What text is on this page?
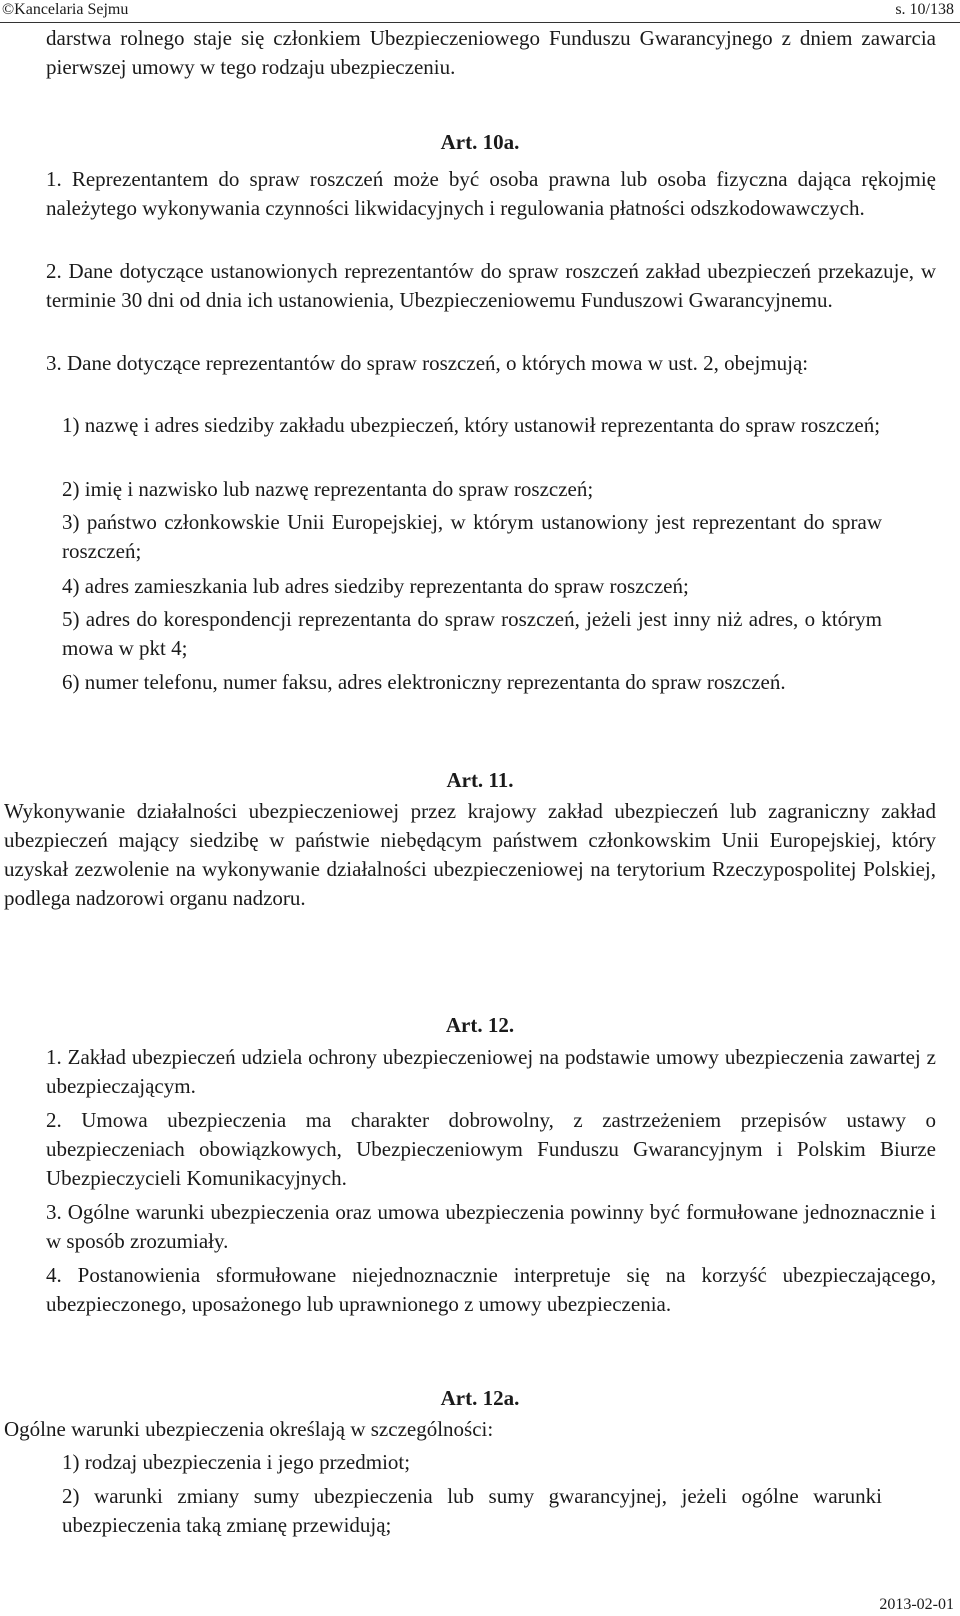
©Kancelaria Sejmu	s. 10/138
darstwa rolnego staje się członkiem Ubezpieczeniowego Funduszu Gwarancyjnego z dniem zawarcia pierwszej umowy w tego rodzaju ubezpieczeniu.
Art. 10a.
1. Reprezentantem do spraw roszczeń może być osoba prawna lub osoba fizyczna dająca rękojmię należytego wykonywania czynności likwidacyjnych i regulowania płatności odszkodowawczych.
2. Dane dotyczące ustanowionych reprezentantów do spraw roszczeń zakład ubezpieczeń przekazuje, w terminie 30 dni od dnia ich ustanowienia, Ubezpieczeniowemu Funduszowi Gwarancyjnemu.
3. Dane dotyczące reprezentantów do spraw roszczeń, o których mowa w ust. 2, obejmują:
1) nazwę i adres siedziby zakładu ubezpieczeń, który ustanowił reprezentanta do spraw roszczeń;
2) imię i nazwisko lub nazwę reprezentanta do spraw roszczeń;
3) państwo członkowskie Unii Europejskiej, w którym ustanowiony jest reprezentant do spraw roszczeń;
4) adres zamieszkania lub adres siedziby reprezentanta do spraw roszczeń;
5) adres do korespondencji reprezentanta do spraw roszczeń, jeżeli jest inny niż adres, o którym mowa w pkt 4;
6) numer telefonu, numer faksu, adres elektroniczny reprezentanta do spraw roszczeń.
Art. 11.
Wykonywanie działalności ubezpieczeniowej przez krajowy zakład ubezpieczeń lub zagraniczny zakład ubezpieczeń mający siedzibę w państwie niebędącym państwem członkowskim Unii Europejskiej, który uzyskał zezwolenie na wykonywanie działalności ubezpieczeniowej na terytorium Rzeczypospolitej Polskiej, podlega nadzorowi organu nadzoru.
Art. 12.
1. Zakład ubezpieczeń udziela ochrony ubezpieczeniowej na podstawie umowy ubezpieczenia zawartej z ubezpieczającym.
2. Umowa ubezpieczenia ma charakter dobrowolny, z zastrzeżeniem przepisów ustawy o ubezpieczeniach obowiązkowych, Ubezpieczeniowym Funduszu Gwarancyjnym i Polskim Biurze Ubezpieczycieli Komunikacyjnych.
3. Ogólne warunki ubezpieczenia oraz umowa ubezpieczenia powinny być formułowane jednoznacznie i w sposób zrozumiały.
4. Postanowienia sformułowane niejednoznacznie interpretuje się na korzyść ubezpieczającego, ubezpieczonego, uposażonego lub uprawnionego z umowy ubezpieczenia.
Art. 12a.
Ogólne warunki ubezpieczenia określają w szczególności:
1) rodzaj ubezpieczenia i jego przedmiot;
2) warunki zmiany sumy ubezpieczenia lub sumy gwarancyjnej, jeżeli ogólne warunki ubezpieczenia taką zmianę przewidują;
2013-02-01
